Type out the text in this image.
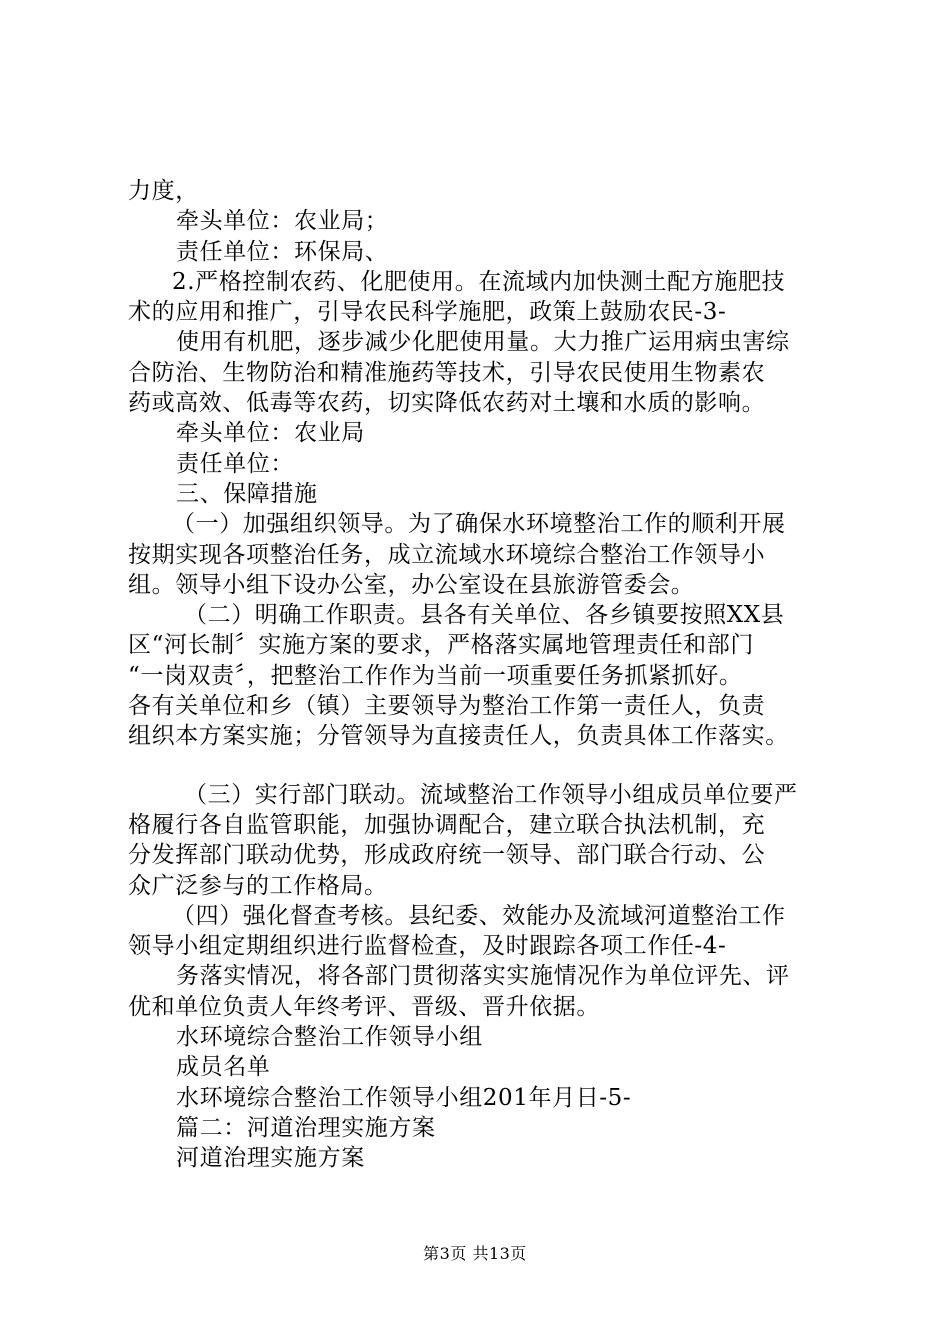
力度，
牵头单位：农业局；
责任单位：环保局、
2.严格控制农药、化肥使用。在流域内加快测土配方施肥技
术的应用和推广，引导农民科学施肥，政策上鼓励农民-3-
使用有机肥，逐步减少化肥使用量。大力推广运用病虫害综
合防治、生物防治和精准施药等技术，引导农民使用生物素农
药或高效、低毒等农药，切实降低农药对土壤和水质的影响。
牵头单位：农业局
责任单位：
三、保障措施
（一）加强组织领导。为了确保水环境整治工作的顺利开展
按期实现各项整治任务，成立流域水环境综合整治工作领导小
组。领导小组下设办公室，办公室设在县旅游管委会。
（二）明确工作职责。县各有关单位、各乡镇要按照XX县
区“河长制〞实施方案的要求，严格落实属地管理责任和部门
“一岗双责〞，把整治工作作为当前一项重要任务抓紧抓好。
各有关单位和乡（镇）主要领导为整治工作第一责任人，负责
组织本方案实施；分管领导为直接责任人，负责具体工作落实。
（三）实行部门联动。流域整治工作领导小组成员单位要严
格履行各自监管职能，加强协调配合，建立联合执法机制，充
分发挥部门联动优势，形成政府统一领导、部门联合行动、公
众广泛参与的工作格局。
（四）强化督查考核。县纪委、效能办及流域河道整治工作
领导小组定期组织进行监督检查，及时跟踪各项工作任-4-
务落实情况，将各部门贯彻落实实施情况作为单位评先、评
优和单位负责人年终考评、晋级、晋升依据。
水环境综合整治工作领导小组
成员名单
水环境综合整治工作领导小组201年月日-5-
篇二：河道治理实施方案
河道治理实施方案
第3页 共13页
